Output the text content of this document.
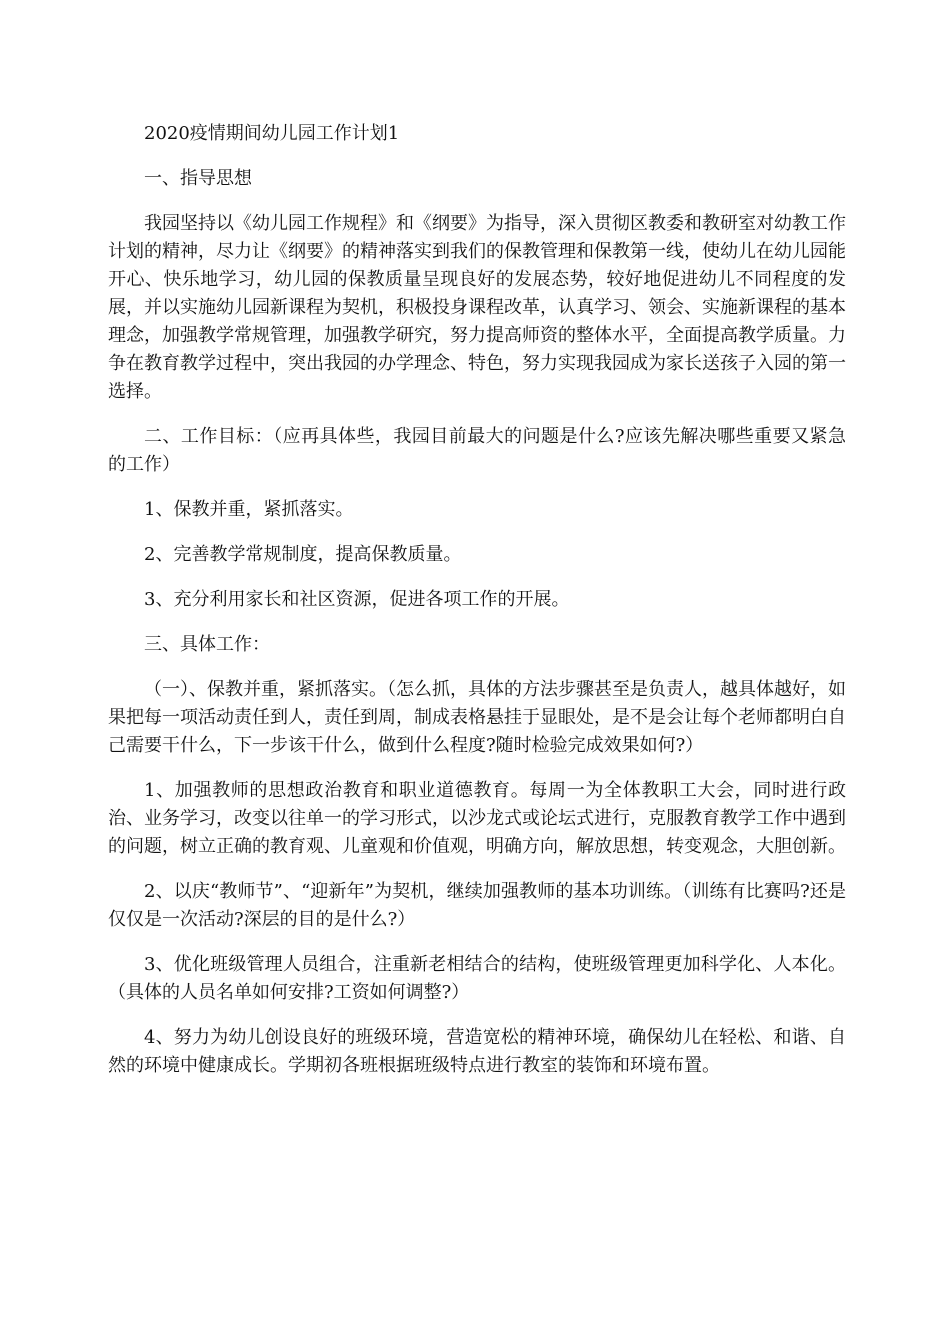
2020疫情期间幼儿园工作计划1

一、指导思想

我园坚持以《幼儿园工作规程》和《纲要》为指导，深入贯彻区教委和教研室对幼教工作计划的精神，尽力让《纲要》的精神落实到我们的保教管理和保教第一线，使幼儿在幼儿园能开心、快乐地学习，幼儿园的保教质量呈现良好的发展态势，较好地促进幼儿不同程度的发展，并以实施幼儿园新课程为契机，积极投身课程改革，认真学习、领会、实施新课程的基本理念，加强教学常规管理，加强教学研究，努力提高师资的整体水平，全面提高教学质量。力争在教育教学过程中，突出我园的办学理念、特色，努力实现我园成为家长送孩子入园的第一选择。

二、工作目标：（应再具体些，我园目前最大的问题是什么?应该先解决哪些重要又紧急的工作）

1、保教并重，紧抓落实。

2、完善教学常规制度，提高保教质量。

3、充分利用家长和社区资源，促进各项工作的开展。

三、具体工作：

（一）、保教并重，紧抓落实。（怎么抓，具体的方法步骤甚至是负责人，越具体越好，如果把每一项活动责任到人，责任到周，制成表格悬挂于显眼处，是不是会让每个老师都明白自己需要干什么，下一步该干什么，做到什么程度?随时检验完成效果如何?）

1、加强教师的思想政治教育和职业道德教育。每周一为全体教职工大会，同时进行政治、业务学习，改变以往单一的学习形式，以沙龙式或论坛式进行，克服教育教学工作中遇到的问题，树立正确的教育观、儿童观和价值观，明确方向，解放思想，转变观念，大胆创新。

2、以庆“教师节”、“迎新年”为契机，继续加强教师的基本功训练。（训练有比赛吗?还是仅仅是一次活动?深层的目的是什么?）

3、优化班级管理人员组合，注重新老相结合的结构，使班级管理更加科学化、人本化。（具体的人员名单如何安排?工资如何调整?）

4、努力为幼儿创设良好的班级环境，营造宽松的精神环境，确保幼儿在轻松、和谐、自然的环境中健康成长。学期初各班根据班级特点进行教室的装饰和环境布置。
